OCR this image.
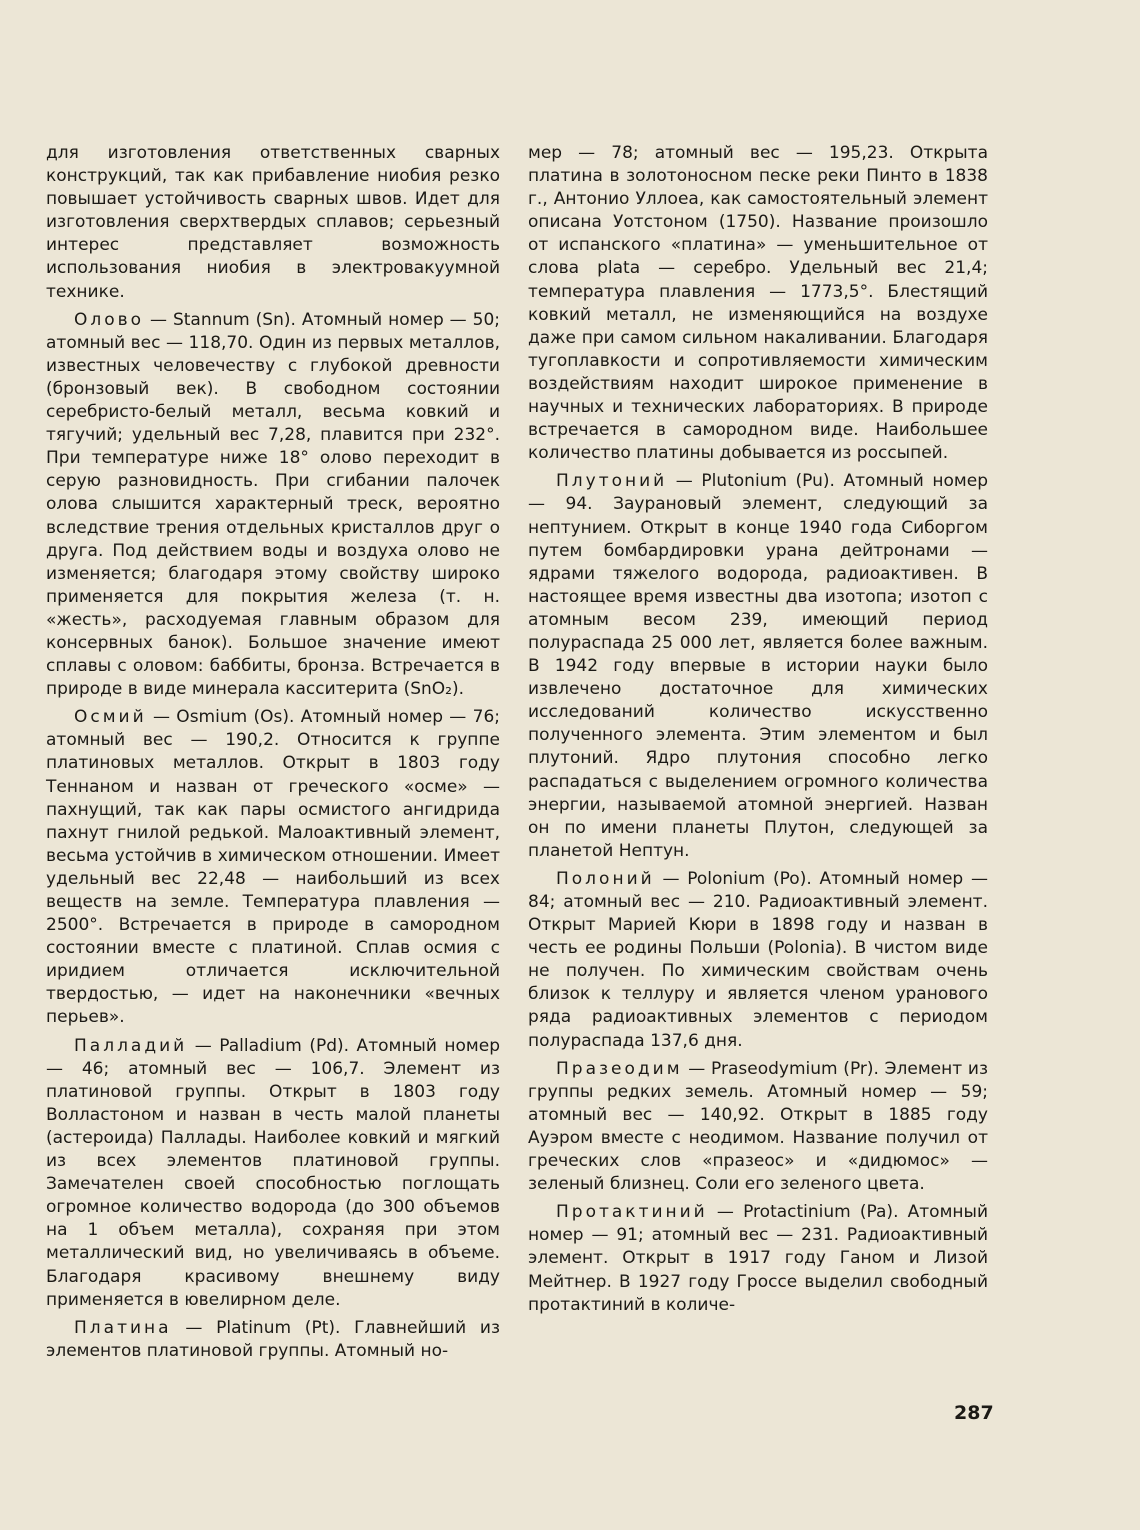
для изготовления ответственных сварных конструкций, так как прибавление ниобия резко повышает устойчивость сварных швов. Идет для изготовления сверхтвердых сплавов; серьезный интерес представляет возможность использования ниобия в электровакуумной технике.

Олово — Stannum (Sn). Атомный номер — 50; атомный вес — 118,70. Один из первых металлов, известных человечеству с глубокой древности (бронзовый век). В свободном состоянии серебристо-белый металл, весьма ковкий и тягучий; удельный вес 7,28, плавится при 232°. При температуре ниже 18° олово переходит в серую разновидность. При сгибании палочек олова слышится характерный треск, вероятно вследствие трения отдельных кристаллов друг о друга. Под действием воды и воздуха олово не изменяется; благодаря этому свойству широко применяется для покрытия железа (т. н. «жесть», расходуемая главным образом для консервных банок). Большое значение имеют сплавы с оловом: баббиты, бронза. Встречается в природе в виде минерала касситерита (SnO₂).

Осмий — Osmium (Os). Атомный номер — 76; атомный вес — 190,2. Относится к группе платиновых металлов. Открыт в 1803 году Теннаном и назван от греческого «осме» — пахнущий, так как пары осмистого ангидрида пахнут гнилой редькой. Малоактивный элемент, весьма устойчив в химическом отношении. Имеет удельный вес 22,48 — наибольший из всех веществ на земле. Температура плавления — 2500°. Встречается в природе в самородном состоянии вместе с платиной. Сплав осмия с иридием отличается исключительной твердостью, — идет на наконечники «вечных перьев».

Палладий — Palladium (Pd). Атомный номер — 46; атомный вес — 106,7. Элемент из платиновой группы. Открыт в 1803 году Волластоном и назван в честь малой планеты (астероида) Паллады. Наиболее ковкий и мягкий из всех элементов платиновой группы. Замечателен своей способностью поглощать огромное количество водорода (до 300 объемов на 1 объем металла), сохраняя при этом металлический вид, но увеличиваясь в объеме. Благодаря красивому внешнему виду применяется в ювелирном деле.

Платина — Platinum (Pt). Главнейший из элементов платиновой группы. Атомный но-

мер — 78; атомный вес — 195,23. Открыта платина в золотоносном песке реки Пинто в 1838 г., Антонио Уллоеа, как самостоятельный элемент описана Уотстоном (1750). Название произошло от испанского «платина» — уменьшительное от слова plata — серебро. Удельный вес 21,4; температура плавления — 1773,5°. Блестящий ковкий металл, не изменяющийся на воздухе даже при самом сильном накаливании. Благодаря тугоплавкости и сопротивляемости химическим воздействиям находит широкое применение в научных и технических лабораториях. В природе встречается в самородном виде. Наибольшее количество платины добывается из россыпей.

Плутоний — Plutonium (Pu). Атомный номер — 94. Заурановый элемент, следующий за нептунием. Открыт в конце 1940 года Сиборгом путем бомбардировки урана дейтронами — ядрами тяжелого водорода, радиоактивен. В настоящее время известны два изотопа; изотоп с атомным весом 239, имеющий период полураспада 25 000 лет, является более важным. В 1942 году впервые в истории науки было извлечено достаточное для химических исследований количество искусственно полученного элемента. Этим элементом и был плутоний. Ядро плутония способно легко распадаться с выделением огромного количества энергии, называемой атомной энергией. Назван он по имени планеты Плутон, следующей за планетой Нептун.

Полоний — Polonium (Po). Атомный номер — 84; атомный вес — 210. Радиоактивный элемент. Открыт Марией Кюри в 1898 году и назван в честь ее родины Польши (Polonia). В чистом виде не получен. По химическим свойствам очень близок к теллуру и является членом уранового ряда радиоактивных элементов с периодом полураспада 137,6 дня.

Празеодим — Praseodymium (Pr). Элемент из группы редких земель. Атомный номер — 59; атомный вес — 140,92. Открыт в 1885 году Ауэром вместе с неодимом. Название получил от греческих слов «празеос» и «дидюмос» — зеленый близнец. Соли его зеленого цвета.

Протактиний — Protactinium (Pa). Атомный номер — 91; атомный вес — 231. Радиоактивный элемент. Открыт в 1917 году Ганом и Лизой Мейтнер. В 1927 году Гроссе выделил свободный протактиний в количе-

287
